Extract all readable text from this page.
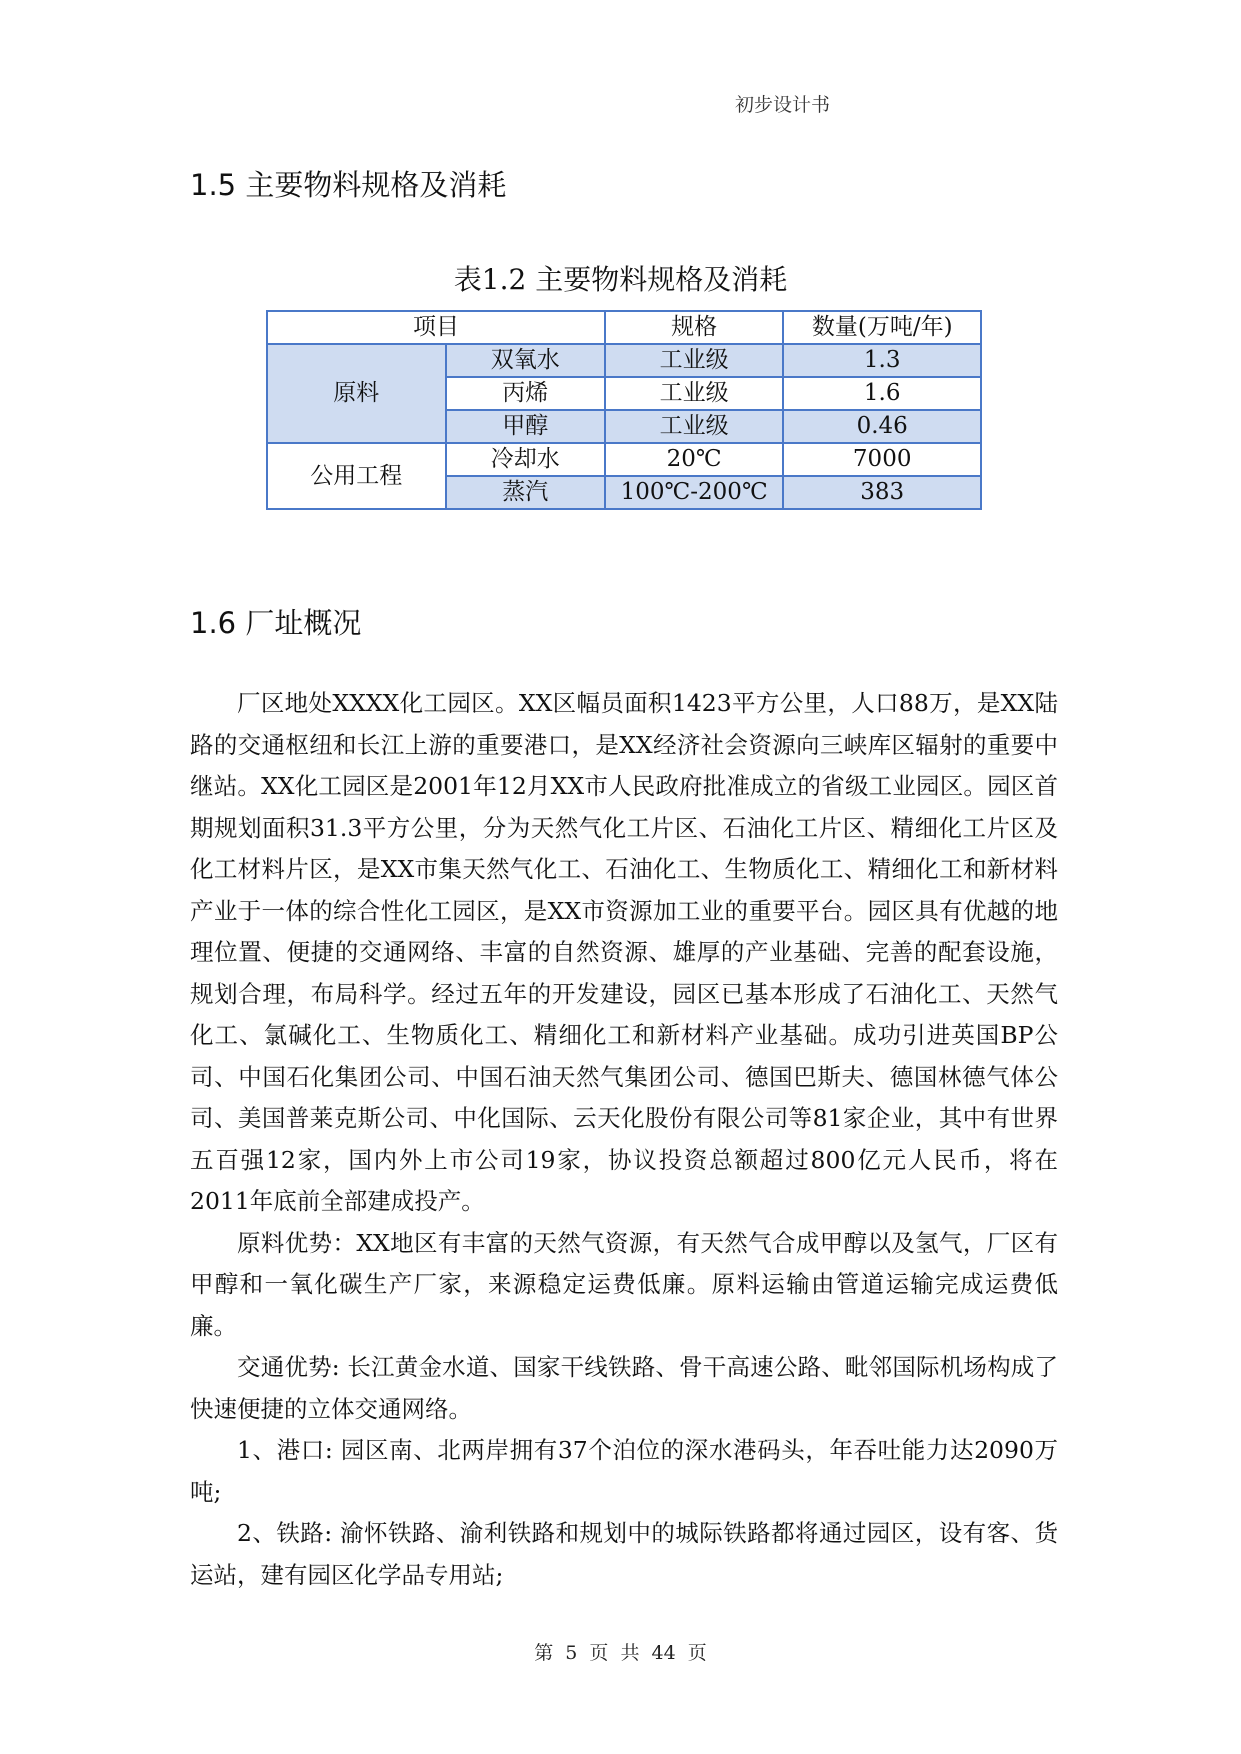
初步设计书
1.5 主要物料规格及消耗
表1.2 主要物料规格及消耗
项目		规格	数量(万吨/年)
原料	双氧水	工业级	1.3
	丙烯	工业级	1.6
	甲醇	工业级	0.46
公用工程	冷却水	20℃	7000
	蒸汽	100℃-200℃	383
1.6 厂址概况

厂区地处XXXX化工园区。XX区幅员面积1423平方公里，人口88万，是XX陆路的交通枢纽和长江上游的重要港口，是XX经济社会资源向三峡库区辐射的重要中继站。XX化工园区是2001年12月XX市人民政府批准成立的省级工业园区。园区首期规划面积31.3平方公里，分为天然气化工片区、石油化工片区、精细化工片区及化工材料片区，是XX市集天然气化工、石油化工、生物质化工、精细化工和新材料产业于一体的综合性化工园区，是XX市资源加工业的重要平台。园区具有优越的地理位置、便捷的交通网络、丰富的自然资源、雄厚的产业基础、完善的配套设施，规划合理，布局科学。经过五年的开发建设，园区已基本形成了石油化工、天然气化工、氯碱化工、生物质化工、精细化工和新材料产业基础。成功引进英国BP公司、中国石化集团公司、中国石油天然气集团公司、德国巴斯夫、德国林德气体公司、美国普莱克斯公司、中化国际、云天化股份有限公司等81家企业，其中有世界五百强12家，国内外上市公司19家，协议投资总额超过800亿元人民币，将在2011年底前全部建成投产。

原料优势：XX地区有丰富的天然气资源，有天然气合成甲醇以及氢气，厂区有甲醇和一氧化碳生产厂家，来源稳定运费低廉。原料运输由管道运输完成运费低廉。

交通优势: 长江黄金水道、国家干线铁路、骨干高速公路、毗邻国际机场构成了快速便捷的立体交通网络。

1、港口: 园区南、北两岸拥有37个泊位的深水港码头，年吞吐能力达2090万吨;

2、铁路: 渝怀铁路、渝利铁路和规划中的城际铁路都将通过园区，设有客、货运站，建有园区化学品专用站;

第 5 页 共 44 页
